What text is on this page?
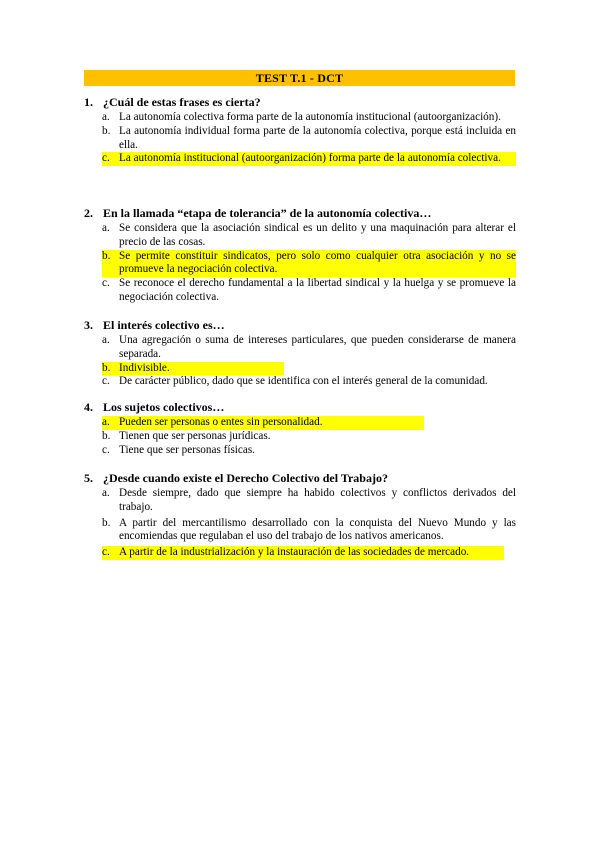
TEST T.1 - DCT
1. ¿Cuál de estas frases es cierta?
a. La autonomía colectiva forma parte de la autonomía institucional (autoorganización).
b. La autonomía individual forma parte de la autonomía colectiva, porque está incluida en ella.
c. La autonomía institucional (autoorganización) forma parte de la autonomía colectiva.
2. En la llamada “etapa de tolerancia” de la autonomía colectiva…
a. Se considera que la asociación sindical es un delito y una maquinación para alterar el precio de las cosas.
b. Se permite constituir sindicatos, pero solo como cualquier otra asociación y no se promueve la negociación colectiva.
c. Se reconoce el derecho fundamental a la libertad sindical y la huelga y se promueve la negociación colectiva.
3. El interés colectivo es…
a. Una agregación o suma de intereses particulares, que pueden considerarse de manera separada.
b. Indivisible.
c. De carácter público, dado que se identifica con el interés general de la comunidad.
4. Los sujetos colectivos…
a. Pueden ser personas o entes sin personalidad.
b. Tienen que ser personas jurídicas.
c. Tiene que ser personas físicas.
5. ¿Desde cuando existe el Derecho Colectivo del Trabajo?
a. Desde siempre, dado que siempre ha habido colectivos y conflictos derivados del trabajo.
b. A partir del mercantilismo desarrollado con la conquista del Nuevo Mundo y las encomiendas que regulaban el uso del trabajo de los nativos americanos.
c. A partir de la industrialización y la instauración de las sociedades de mercado.
